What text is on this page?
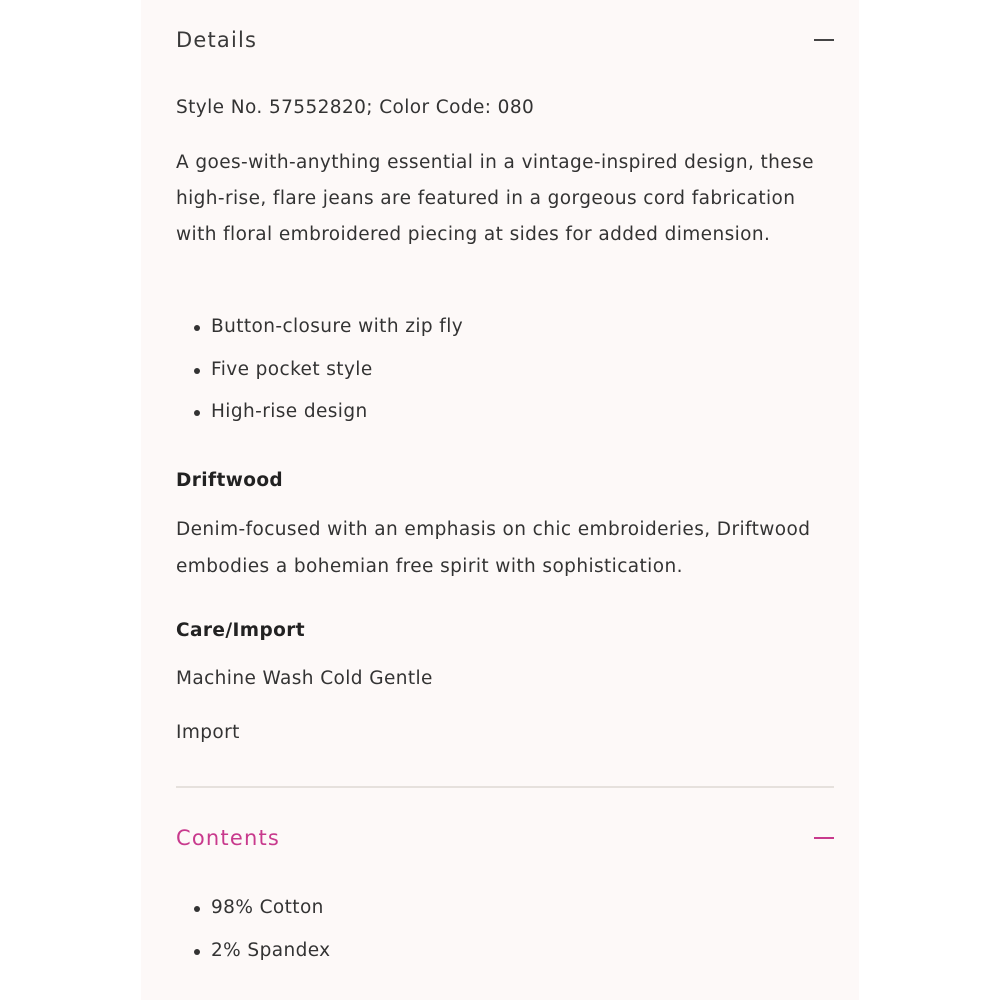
Details
Style No. 57552820; Color Code: 080
A goes-with-anything essential in a vintage-inspired design, these high-rise, flare jeans are featured in a gorgeous cord fabrication with floral embroidered piecing at sides for added dimension.
Button-closure with zip fly
Five pocket style
High-rise design
Driftwood
Denim-focused with an emphasis on chic embroideries, Driftwood embodies a bohemian free spirit with sophistication.
Care/Import
Machine Wash Cold Gentle
Import
Contents
98% Cotton
2% Spandex
